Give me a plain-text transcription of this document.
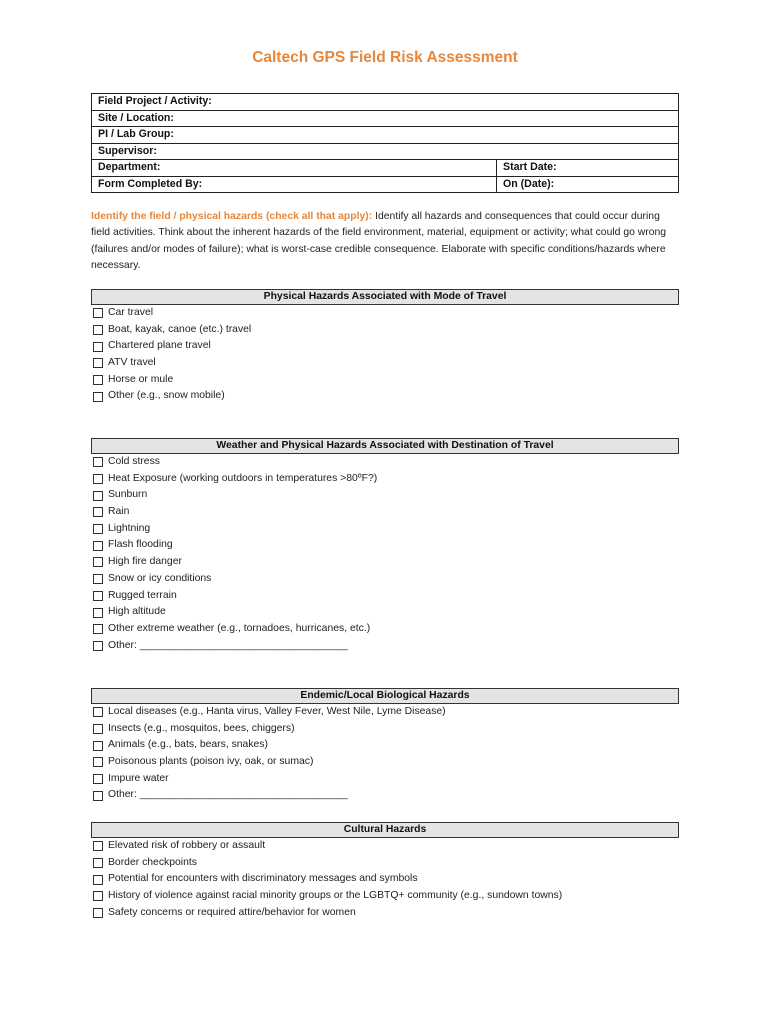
Caltech GPS Field Risk Assessment
Field Project / Activity:	
Site / Location:	
PI / Lab Group:	
Supervisor:	
Department:	Start Date:
Form Completed By:	On (Date):
Identify the field / physical hazards (check all that apply): Identify all hazards and consequences that could occur during field activities. Think about the inherent hazards of the field environment, material, equipment or activity; what could go wrong (failures and/or modes of failure); what is worst-case credible consequence. Elaborate with specific conditions/hazards where necessary.
Physical Hazards Associated with Mode of Travel
Car travel
Boat, kayak, canoe (etc.) travel
Chartered plane travel
ATV travel
Horse or mule
Other (e.g., snow mobile)
Weather and Physical Hazards Associated with Destination of Travel
Cold stress
Heat Exposure (working outdoors in temperatures >80ºF?)
Sunburn
Rain
Lightning
Flash flooding
High fire danger
Snow or icy conditions
Rugged terrain
High altitude
Other extreme weather (e.g., tornadoes, hurricanes, etc.)
Other: ____________________________________
Endemic/Local Biological Hazards
Local diseases (e.g., Hanta virus, Valley Fever, West Nile, Lyme Disease)
Insects (e.g., mosquitos, bees, chiggers)
Animals (e.g., bats, bears, snakes)
Poisonous plants (poison ivy, oak, or sumac)
Impure water
Other: ____________________________________
Cultural Hazards
Elevated risk of robbery or assault
Border checkpoints
Potential for encounters with discriminatory messages and symbols
History of violence against racial minority groups or the LGBTQ+ community (e.g., sundown towns)
Safety concerns or required attire/behavior for women
